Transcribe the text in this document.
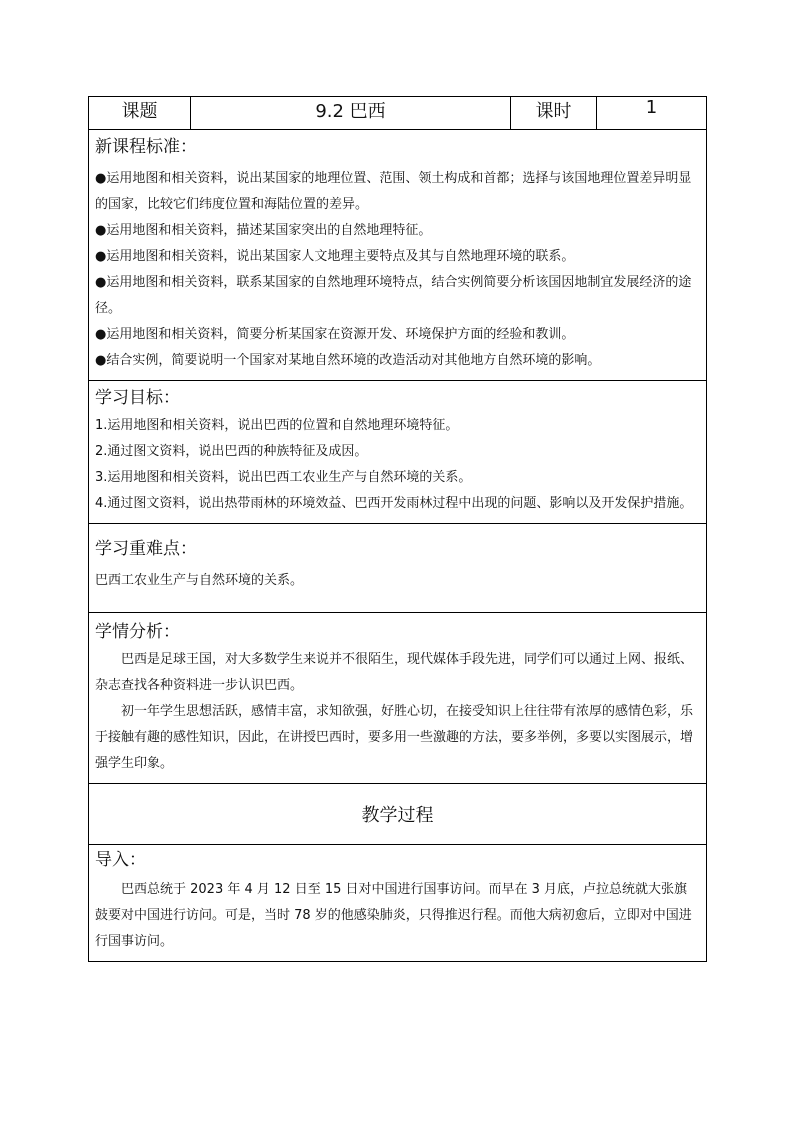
课题	9.2 巴西	课时	1

新课程标准：

●运用地图和相关资料，说出某国家的地理位置、范围、领土构成和首都；选择与该国地理位置差异明显的国家，比较它们纬度位置和海陆位置的差异。

●运用地图和相关资料，描述某国家突出的自然地理特征。

●运用地图和相关资料，说出某国家人文地理主要特点及其与自然地理环境的联系。

●运用地图和相关资料，联系某国家的自然地理环境特点，结合实例简要分析该国因地制宜发展经济的途径。

●运用地图和相关资料，简要分析某国家在资源开发、环境保护方面的经验和教训。

●结合实例，简要说明一个国家对某地自然环境的改造活动对其他地方自然环境的影响。

学习目标：

1.运用地图和相关资料，说出巴西的位置和自然地理环境特征。

2.通过图文资料，说出巴西的种族特征及成因。

3.运用地图和相关资料，说出巴西工农业生产与自然环境的关系。

4.通过图文资料，说出热带雨林的环境效益、巴西开发雨林过程中出现的问题、影响以及开发保护措施。

学习重难点：
巴西工农业生产与自然环境的关系。

学情分析：

巴西是足球王国，对大多数学生来说并不很陌生，现代媒体手段先进，同学们可以通过上网、报纸、杂志查找各种资料进一步认识巴西。

初一年学生思想活跃，感情丰富，求知欲强，好胜心切，在接受知识上往往带有浓厚的感情色彩，乐于接触有趣的感性知识，因此，在讲授巴西时，要多用一些激趣的方法，要多举例，多要以实图展示，增强学生印象。

教学过程

导入：

巴西总统于 2023 年 4 月 12 日至 15 日对中国进行国事访问。而早在 3 月底，卢拉总统就大张旗鼓要对中国进行访问。可是，当时 78 岁的他感染肺炎，只得推迟行程。而他大病初愈后，立即对中国进行国事访问。
